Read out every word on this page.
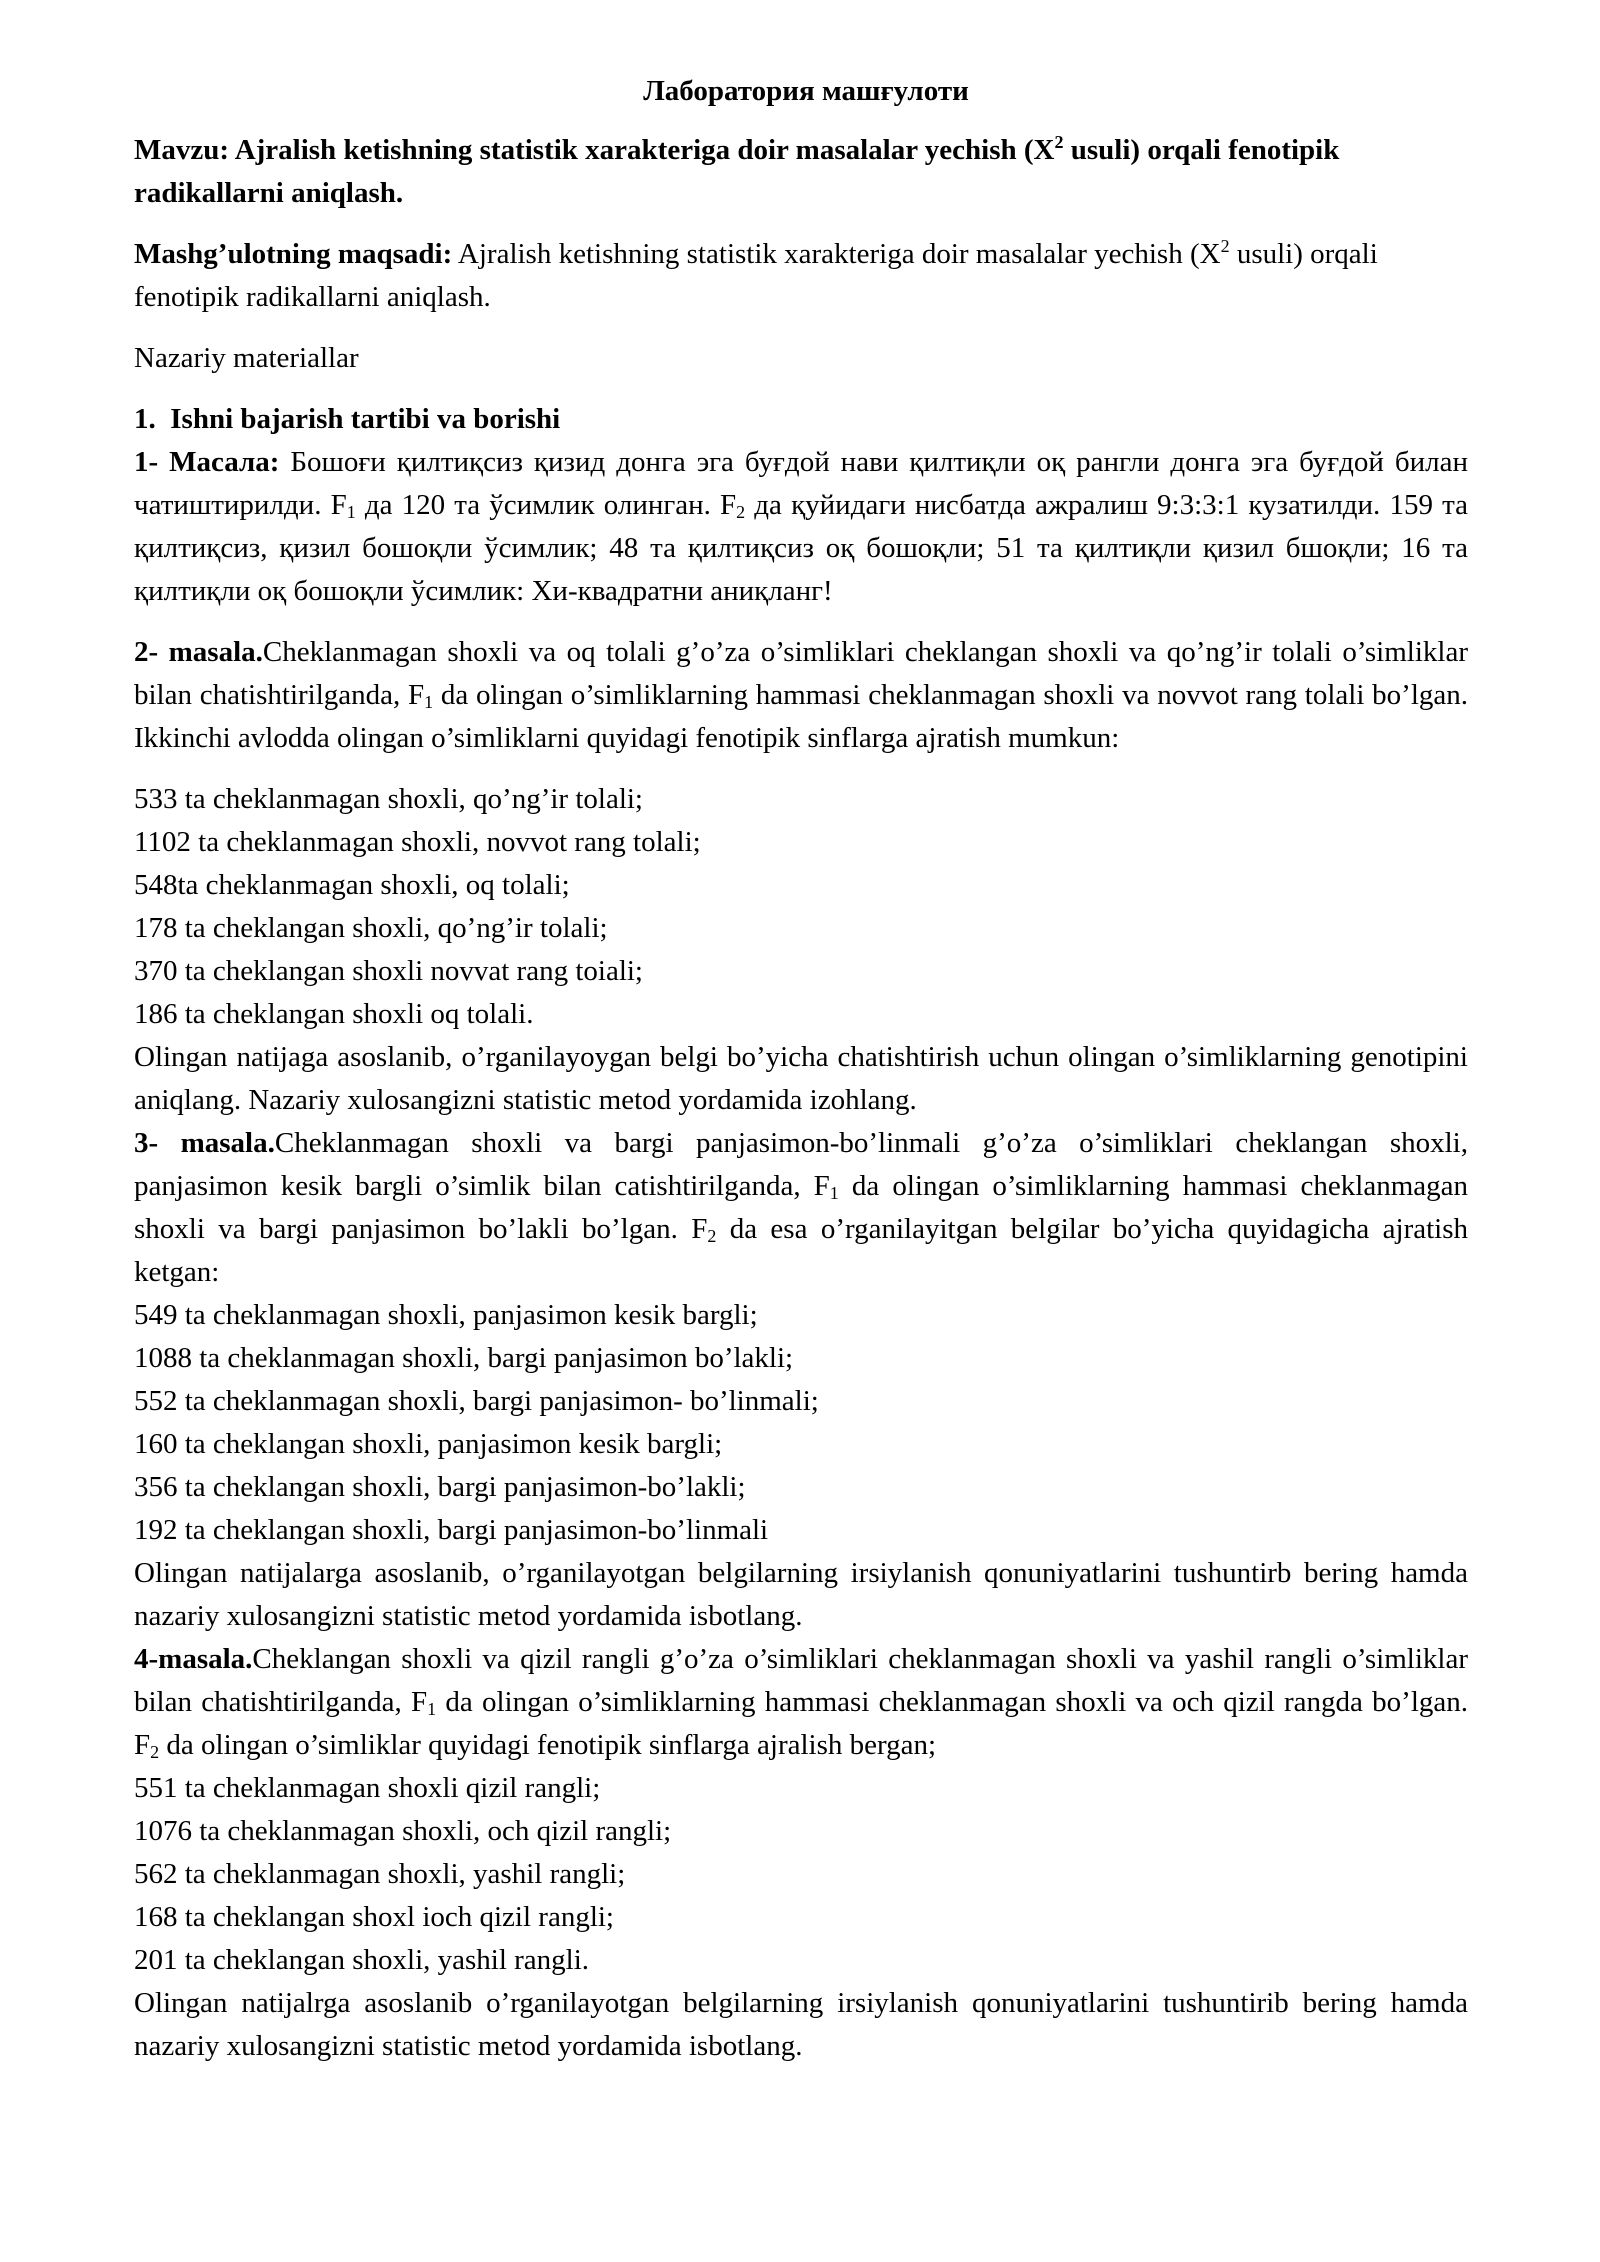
Лаборатория машғулоти

Mavzu: Ajralish ketishning statistik xarakteriga doir masalalar yechish ($X^2$ usuli) orqali fenotipik radikallarni aniqlash.

Mashg’ulotning maqsadi: Ajralish ketishning statistik xarakteriga doir masalalar yechish ($X^2$ usuli) orqali fenotipik radikallarni aniqlash.

Nazariy materiallar

1. Ishni bajarish tartibi va borishi

1- Масала: Бошоғи қилтиқсиз қизид донга эга буғдой нави қилтиқли оқ рангли донга эга буғдой билан чатиштирилди. $F_1$ да 120 та ўсимлик олинган. $F_2$ да қуйидаги нисбатда ажралиш 9:3:3:1 кузатилди. 159 та қилтиқсиз, қизил бошоқли ўсимлик; 48 та қилтиқсиз оқ бошоқли; 51 та қилтиқли қизил бшоқли; 16 та қилтиқли оқ бошоқли ўсимлик: Хи-квадратни аниқланг!

2- masala.Cheklanmagan shoxli va oq tolali g’o’za o’simliklari cheklangan shoxli va qo’ng’ir tolali o’simliklar bilan chatishtirilganda, $F_1$ da olingan o’simliklarning hammasi cheklanmagan shoxli va novvot rang tolali bo’lgan. Ikkinchi avlodda olingan o’simliklarni quyidagi fenotipik sinflarga ajratish mumkun:

533 ta cheklanmagan shoxli, qo’ng’ir tolali;

1102 ta cheklanmagan shoxli, novvot rang tolali;

548ta cheklanmagan shoxli, oq tolali;

178 ta cheklangan shoxli, qo’ng’ir tolali;

370 ta cheklangan shoxli novvat rang toiali;

186 ta cheklangan shoxli oq tolali.

Olingan natijaga asoslanib, o’rganilayoygan belgi bo’yicha chatishtirish uchun olingan o’simliklarning genotipini aniqlang. Nazariy xulosangizni statistic metod yordamida izohlang.

3- masala.Cheklanmagan shoxli va bargi panjasimon-bo’linmali g’o’za o’simliklari cheklangan shoxli, panjasimon kesik bargli o’simlik bilan catishtirilganda, $F_1$ da olingan o’simliklarning hammasi cheklanmagan shoxli va bargi panjasimon bo’lakli bo’lgan. $F_2$ da esa o’rganilayitgan belgilar bo’yicha quyidagicha ajratish ketgan:

549 ta cheklanmagan shoxli, panjasimon kesik bargli;

1088 ta cheklanmagan shoxli, bargi panjasimon bo’lakli;

552 ta cheklanmagan shoxli, bargi panjasimon- bo’linmali;

160 ta cheklangan shoxli, panjasimon kesik bargli;

356 ta cheklangan shoxli, bargi panjasimon-bo’lakli;

192 ta cheklangan shoxli, bargi panjasimon-bo’linmali

Olingan natijalarga asoslanib, o’rganilayotgan belgilarning irsiylanish qonuniyatlarini tushuntirb bering hamda nazariy xulosangizni statistic metod yordamida isbotlang.

4-masala.Cheklangan shoxli va qizil rangli g’o’za o’simliklari cheklanmagan shoxli va yashil rangli o’simliklar bilan chatishtirilganda, $F_1$ da olingan o’simliklarning hammasi cheklanmagan shoxli va och qizil rangda bo’lgan. $F_2$ da olingan o’simliklar quyidagi fenotipik sinflarga ajralish bergan;

551 ta cheklanmagan shoxli qizil rangli;

1076 ta cheklanmagan shoxli, och qizil rangli;

562 ta cheklanmagan shoxli, yashil rangli;

168 ta cheklangan shoxl ioch qizil rangli;

201 ta cheklangan shoxli, yashil rangli.

Olingan natijalrga asoslanib o’rganilayotgan belgilarning irsiylanish qonuniyatlarini tushuntirib bering hamda nazariy xulosangizni statistic metod yordamida isbotlang.
